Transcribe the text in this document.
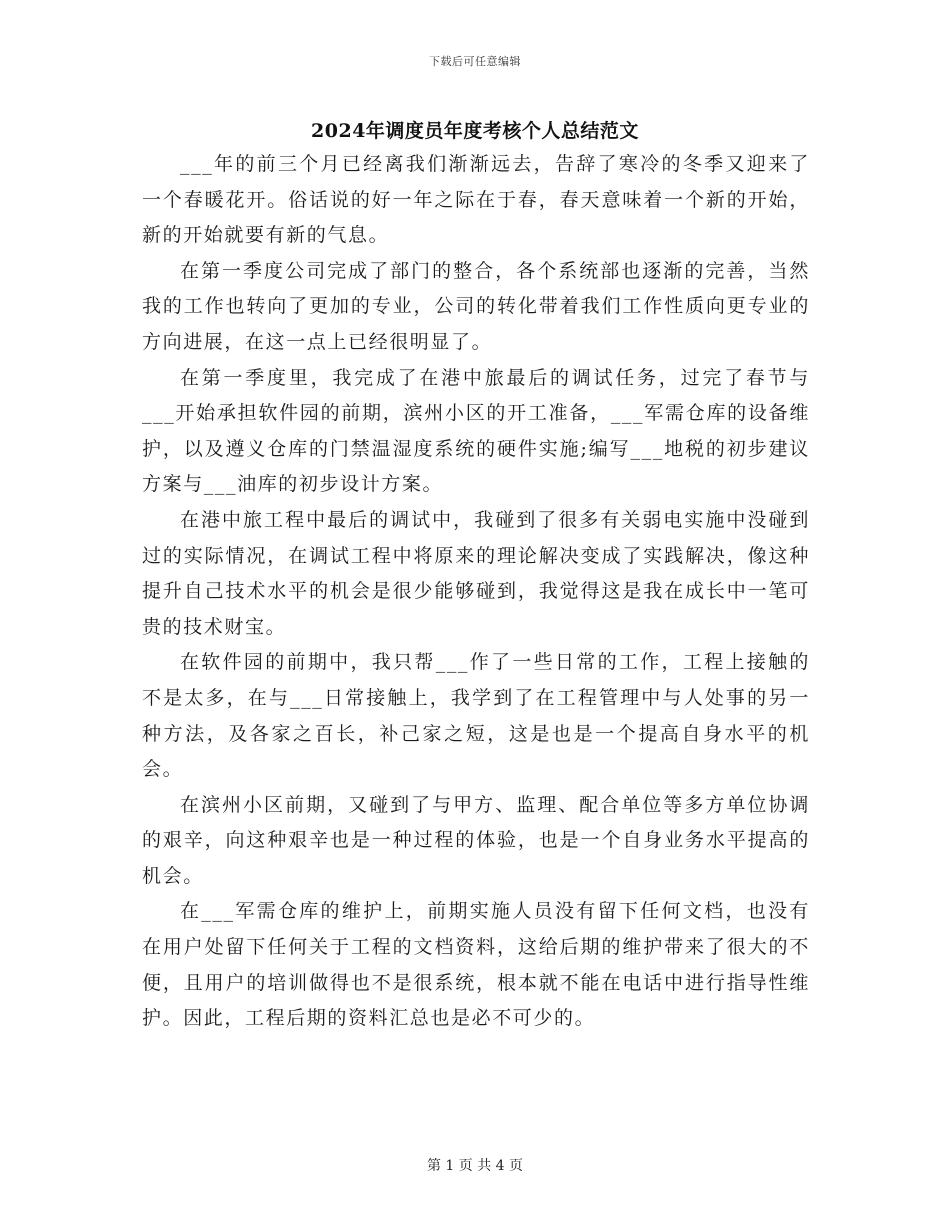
下载后可任意编辑
2024年调度员年度考核个人总结范文

___年的前三个月已经离我们渐渐远去，告辞了寒冷的冬季又迎来了一个春暖花开。俗话说的好一年之际在于春，春天意味着一个新的开始，新的开始就要有新的气息。

在第一季度公司完成了部门的整合，各个系统部也逐渐的完善，当然我的工作也转向了更加的专业，公司的转化带着我们工作性质向更专业的方向进展，在这一点上已经很明显了。

在第一季度里，我完成了在港中旅最后的调试任务，过完了春节与___开始承担软件园的前期，滨州小区的开工准备，___军需仓库的设备维护，以及遵义仓库的门禁温湿度系统的硬件实施;编写___地税的初步建议方案与___油库的初步设计方案。

在港中旅工程中最后的调试中，我碰到了很多有关弱电实施中没碰到过的实际情况，在调试工程中将原来的理论解决变成了实践解决，像这种提升自己技术水平的机会是很少能够碰到，我觉得这是我在成长中一笔可贵的技术财宝。

在软件园的前期中，我只帮___作了一些日常的工作，工程上接触的不是太多，在与___日常接触上，我学到了在工程管理中与人处事的另一种方法，及各家之百长，补己家之短，这是也是一个提高自身水平的机会。

在滨州小区前期，又碰到了与甲方、监理、配合单位等多方单位协调的艰辛，向这种艰辛也是一种过程的体验，也是一个自身业务水平提高的机会。

在___军需仓库的维护上，前期实施人员没有留下任何文档，也没有在用户处留下任何关于工程的文档资料，这给后期的维护带来了很大的不便，且用户的培训做得也不是很系统，根本就不能在电话中进行指导性维护。因此，工程后期的资料汇总也是必不可少的。

第 1 页 共 4 页
